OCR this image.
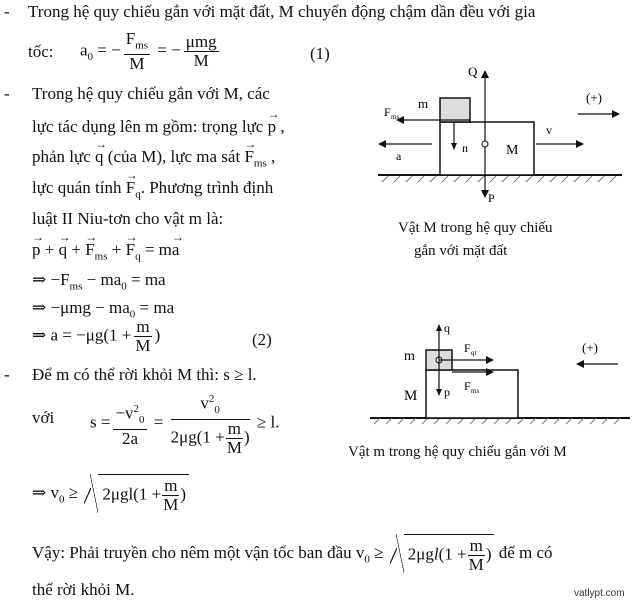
- Trong hệ quy chiếu gắn với mặt đất, M chuyển động chậm dần đều với gia
tốc: $a_0$ = − $\frac{F_{ms}}{M}$ = − $\frac{\text{μmg}}{M}$	(1)
- Trong hệ quy chiếu gắn với M, các
lực tác dụng lên m gồm: trọng lực → p ,
phản lực → q (của M), lực ma sát → $F_{ms}$ ,
lực quán tính → $F_q$. Phương trình định
luật II Niu-tơn cho vật m là:
→ p + → q + → $F_{ms}$ + → $F_q = m\to a$
⇒ $-F_{ms} - ma_0$ = ma
⇒ $-\mu mg - ma_0$ = ma
⇒ $a = -\mu g(1 + \frac{m}{M}$ )	(2)
- Để m có thể rời khỏi M thì: s ≥ l.
với $s = \frac{-v^2_0}{2a} = \frac{v^2_0}{2\mu g(1 + \frac{m}{M} )} \ge l$.
⇒ $v_0 \ge 2\mu gl(1 + \frac{m}{M}$ )
Vậy: Phải truyền cho nêm một vận tốc ban đầu $v_0 \ge 2\mu gl(1 + \frac{m}{M}$ ) để m có
thể rời khỏi M.
Q
P
n
F ms
m
a
v
M
(+)
Vật M trong hệ quy chiếu
gắn với mặt đất
q
p
F qt
F ms
m
M
(+)
Vật m trong hệ quy chiếu gắn với M
vatlypt.com
